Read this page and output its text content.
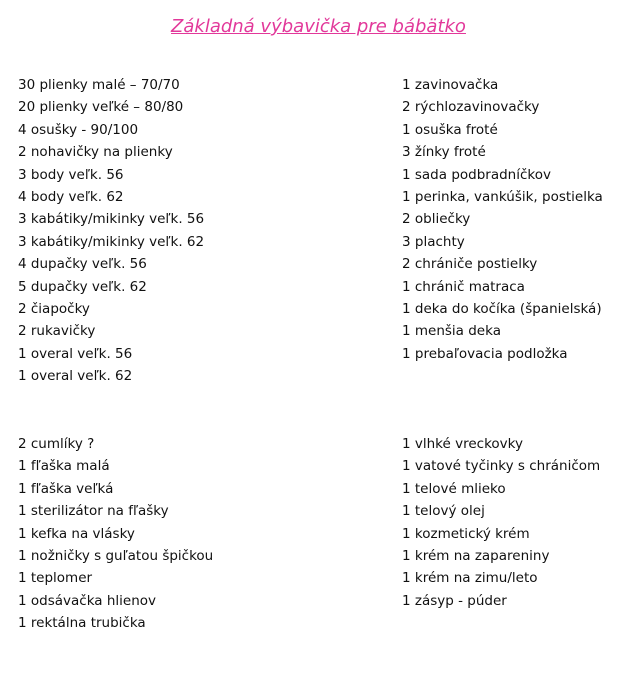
Základná výbavička pre bábätko
30 plienky malé – 70/70
20 plienky veľké – 80/80
4 osušky - 90/100
2 nohavičky na plienky
3 body veľk. 56
4 body veľk. 62
3 kabátiky/mikinky veľk. 56
3 kabátiky/mikinky veľk. 62
4 dupačky veľk. 56
5 dupačky veľk. 62
2 čiapočky
2 rukavičky
1 overal veľk. 56
1 overal veľk. 62
1 zavinovačka
2 rýchlozavinovačky
1 osuška froté
3 žínky froté
1 sada podbradníčkov
1 perinka, vankúšik, postielka
2 obliečky
3 plachty
2 chrániče postielky
1 chránič matraca
1 deka do kočíka (španielská)
1 menšia deka
1 prebaľovacia podložka
2 cumlíky ?
1 fľaška malá
1 fľaška veľká
1 sterilizátor na fľašky
1 kefka na vlásky
1 nožničky s guľatou špičkou
1 teplomer
1 odsávačka hlienov
1 rektálna trubička
1 vlhké vreckovky
1 vatové tyčinky s chráničom
1 telové mlieko
1 telový olej
1 kozmetický krém
1 krém na zapareniny
1 krém na zimu/leto
1 zásyp - púder
